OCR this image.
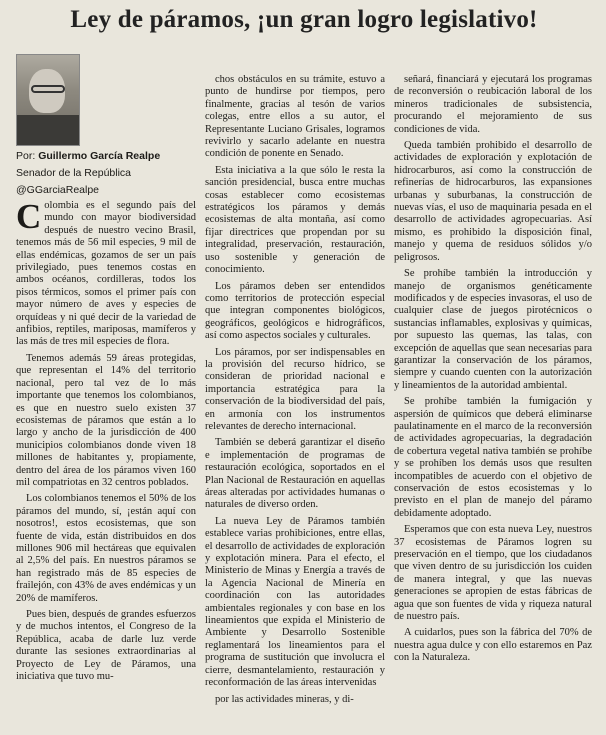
Ley de páramos, ¡un gran logro legislativo!
Por: Guillermo García Realpe
Senador de la República
@GGarciaRealpe

Colombia es el segundo país del mundo con mayor biodiversidad después de nuestro vecino Brasil, tenemos más de 56 mil especies, 9 mil de ellas endémicas, gozamos de ser un país privilegiado, pues tenemos costas en ambos océanos, cordilleras, todos los pisos térmicos, somos el primer país con mayor número de aves y especies de orquídeas y ni qué decir de la variedad de anfibios, reptiles, mariposas, mamíferos y las más de tres mil especies de flora.

Tenemos además 59 áreas protegidas, que representan el 14% del territorio nacional, pero tal vez de lo más importante que tenemos los colombianos, es que en nuestro suelo existen 37 ecosistemas de páramos que están a lo largo y ancho de la jurisdicción de 400 municipios colombianos donde viven 18 millones de habitantes y, propiamente, dentro del área de los páramos viven 160 mil compatriotas en 32 centros poblados.

Los colombianos tenemos el 50% de los páramos del mundo, sí, ¡están aquí con nosotros!, estos ecosistemas, que son fuente de vida, están distribuidos en dos millones 906 mil hectáreas que equivalen al 2,5% del país. En nuestros páramos se han registrado más de 85 especies de frailejón, con 43% de aves endémicas y un 20% de mamíferos.

Pues bien, después de grandes esfuerzos y de muchos intentos, el Congreso de la República, acaba de darle luz verde durante las sesiones extraordinarias al Proyecto de Ley de Páramos, una iniciativa que tuvo mu-

chos obstáculos en su trámite, estuvo a punto de hundirse por tiempos, pero finalmente, gracias al tesón de varios colegas, entre ellos a su autor, el Representante Luciano Grisales, logramos revivirlo y sacarlo adelante en nuestra condición de ponente en Senado.

Esta iniciativa a la que sólo le resta la sanción presidencial, busca entre muchas cosas establecer como ecosistemas estratégicos los páramos y demás ecosistemas de alta montaña, así como fijar directrices que propendan por su integralidad, preservación, restauración, uso sostenible y generación de conocimiento.

Los páramos deben ser entendidos como territorios de protección especial que integran componentes biológicos, geográficos, geológicos e hidrográficos, así como aspectos sociales y culturales.

Los páramos, por ser indispensables en la provisión del recurso hídrico, se consideran de prioridad nacional e importancia estratégica para la conservación de la biodiversidad del país, en armonía con los instrumentos relevantes de derecho internacional.

También se deberá garantizar el diseño e implementación de programas de restauración ecológica, soportados en el Plan Nacional de Restauración en aquellas áreas alteradas por actividades humanas o naturales de diverso orden.

La nueva Ley de Páramos también establece varias prohibiciones, entre ellas, el desarrollo de actividades de exploración y explotación minera. Para el efecto, el Ministerio de Minas y Energía a través de la Agencia Nacional de Minería en coordinación con las autoridades ambientales regionales y con base en los lineamientos que expida el Ministerio de Ambiente y Desarrollo Sostenible reglamentará los lineamientos para el programa de sustitución que involucra el cierre, desmantelamiento, restauración y reconformación de las áreas intervenidas

por las actividades mineras, y di-

señará, financiará y ejecutará los programas de reconversión o reubicación laboral de los mineros tradicionales de subsistencia, procurando el mejoramiento de sus condiciones de vida.

Queda también prohibido el desarrollo de actividades de exploración y explotación de hidrocarburos, así como la construcción de refinerías de hidrocarburos, las expansiones urbanas y suburbanas, la construcción de nuevas vías, el uso de maquinaria pesada en el desarrollo de actividades agropecuarias. Así mismo, es prohibido la disposición final, manejo y quema de residuos sólidos y/o peligrosos.

Se prohíbe también la introducción y manejo de organismos genéticamente modificados y de especies invasoras, el uso de cualquier clase de juegos pirotécnicos o sustancias inflamables, explosivas y químicas, por supuesto las quemas, las talas, con excepción de aquellas que sean necesarias para garantizar la conservación de los páramos, siempre y cuando cuenten con la autorización y lineamientos de la autoridad ambiental.

Se prohíbe también la fumigación y aspersión de químicos que deberá eliminarse paulatinamente en el marco de la reconversión de actividades agropecuarias, la degradación de cobertura vegetal nativa también se prohíbe y se prohíben los demás usos que resulten incompatibles de acuerdo con el objetivo de conservación de estos ecosistemas y lo previsto en el plan de manejo del páramo debidamente adoptado.

Esperamos que con esta nueva Ley, nuestros 37 ecosistemas de Páramos logren su preservación en el tiempo, que los ciudadanos que viven dentro de su jurisdicción los cuiden de manera integral, y que las nuevas generaciones se apropien de estas fábricas de agua que son fuentes de vida y riqueza natural de nuestro país.

A cuidarlos, pues son la fábrica del 70% de nuestra agua dulce y con ello estaremos en Paz con la Naturaleza.
